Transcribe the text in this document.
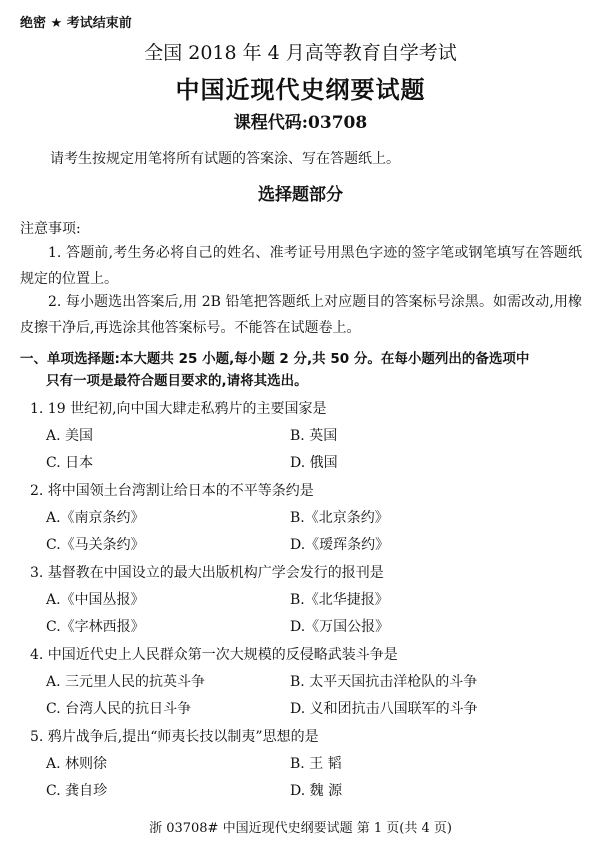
绝密 ★ 考试结束前
全国 2018 年 4 月高等教育自学考试
中国近现代史纲要试题
课程代码:03708
请考生按规定用笔将所有试题的答案涂、写在答题纸上。
选择题部分
注意事项:
1. 答题前,考生务必将自己的姓名、准考证号用黑色字迹的签字笔或钢笔填写在答题纸规定的位置上。
2. 每小题选出答案后,用 2B 铅笔把答题纸上对应题目的答案标号涂黑。如需改动,用橡皮擦干净后,再选涂其他答案标号。不能答在试题卷上。
一、单项选择题:本大题共 25 小题,每小题 2 分,共 50 分。在每小题列出的备选项中
只有一项是最符合题目要求的,请将其选出。
1. 19 世纪初,向中国大肆走私鸦片的主要国家是
A. 美国	B. 英国
C. 日本	D. 俄国
2. 将中国领土台湾割让给日本的不平等条约是
A.《南京条约》	B.《北京条约》
C.《马关条约》	D.《瑷珲条约》
3. 基督教在中国设立的最大出版机构广学会发行的报刊是
A.《中国丛报》	B.《北华捷报》
C.《字林西报》	D.《万国公报》
4. 中国近代史上人民群众第一次大规模的反侵略武装斗争是
A. 三元里人民的抗英斗争	B. 太平天国抗击洋枪队的斗争
C. 台湾人民的抗日斗争	D. 义和团抗击八国联军的斗争
5. 鸦片战争后,提出“师夷长技以制夷”思想的是
A. 林则徐	B. 王 韬
C. 龚自珍	D. 魏 源
浙 03708# 中国近现代史纲要试题 第 1 页(共 4 页)
